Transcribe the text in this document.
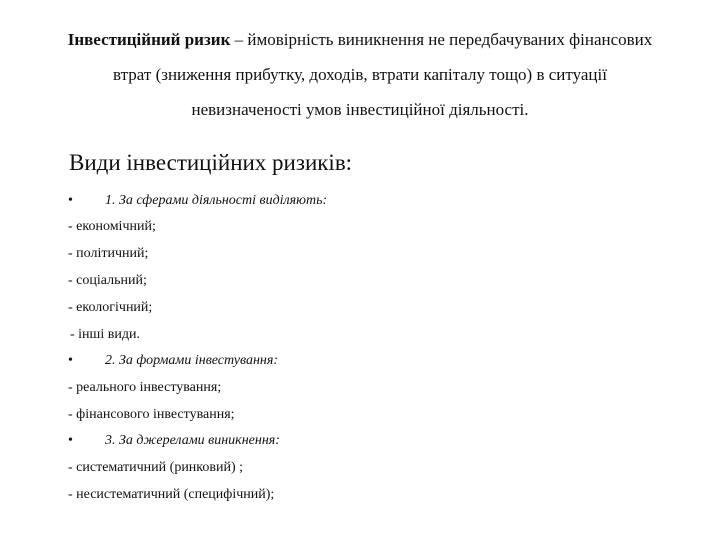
Інвестиційний ризик – ймовірність виникнення не передбачуваних фінансових
втрат (зниження прибутку, доходів, втрати капіталу тощо) в ситуації
невизначеності умов інвестиційної діяльності.
Види інвестиційних ризиків:
• 1. За сферами діяльності виділяють:
- економічний;
- політичний;
- соціальний;
- екологічний;
- інші види.
• 2. За формами інвестування:
- реального інвестування;
- фінансового інвестування;
• 3. За джерелами виникнення:
- систематичний (ринковий) ;
- несистематичний (специфічний);
